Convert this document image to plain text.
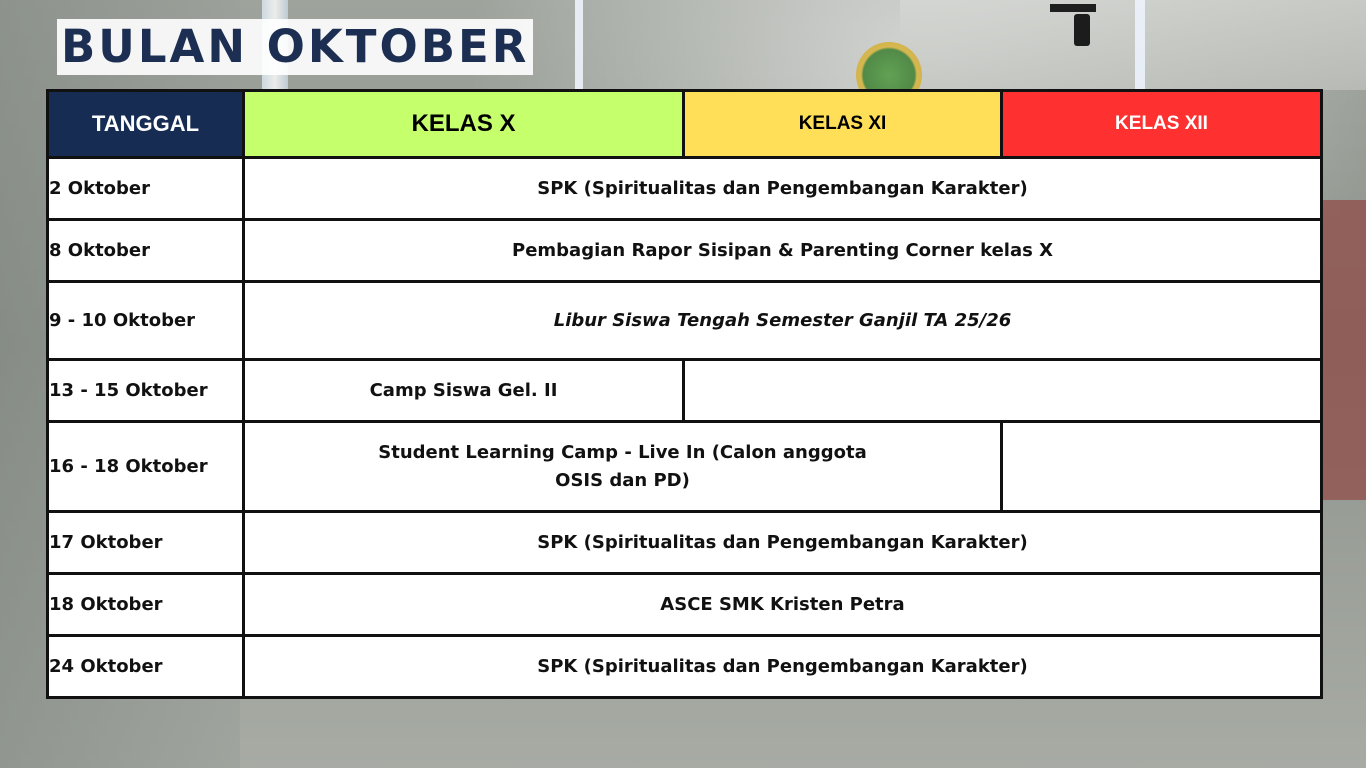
BULAN OKTOBER
TANGGAL	KELAS X	KELAS XI	KELAS XII
2 Oktober	SPK (Spiritualitas dan Pengembangan Karakter)		
8 Oktober	Pembagian Rapor Sisipan & Parenting Corner kelas X		
9 - 10 Oktober	Libur Siswa Tengah Semester Ganjil TA 25/26		
13 - 15 Oktober	Camp Siswa Gel. II		
16 - 18 Oktober	Student Learning Camp - Live In (Calon anggota
OSIS dan PD)		

17 Oktober	SPK (Spiritualitas dan Pengembangan Karakter)		
18 Oktober	ASCE SMK Kristen Petra		
24 Oktober	SPK (Spiritualitas dan Pengembangan Karakter)		
